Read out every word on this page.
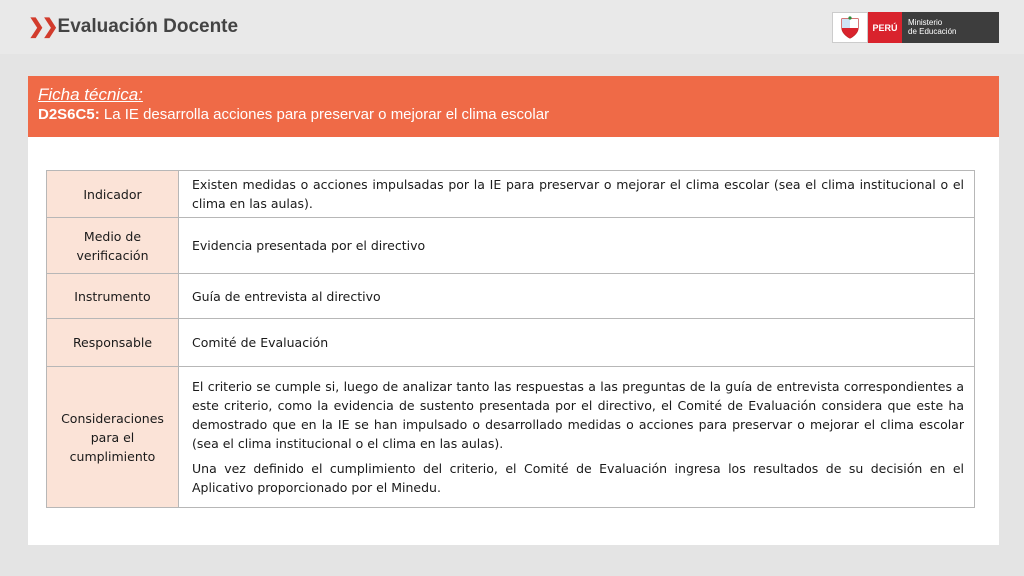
❯❯ Evaluación Docente	PERÚ	Ministerio
de Educación
Ficha técnica:
D2S6C5: La IE desarrolla acciones para preservar o mejorar el clima escolar
Indicador	Existen medidas o acciones impulsadas por la IE para preservar o mejorar el clima escolar (sea el clima institucional o el clima en las aulas).
Medio de verificación	Evidencia presentada por el directivo
Instrumento	Guía de entrevista al directivo
Responsable	Comité de Evaluación
Consideraciones para el cumplimiento	El criterio se cumple si, luego de analizar tanto las respuestas a las preguntas de la guía de entrevista correspondientes a este criterio, como la evidencia de sustento presentada por el directivo, el Comité de Evaluación considera que este ha demostrado que en la IE se han impulsado o desarrollado medidas o acciones para preservar o mejorar el clima escolar (sea el clima institucional o el clima en las aulas).

Una vez definido el cumplimiento del criterio, el Comité de Evaluación ingresa los resultados de su decisión en el Aplicativo proporcionado por el Minedu.
